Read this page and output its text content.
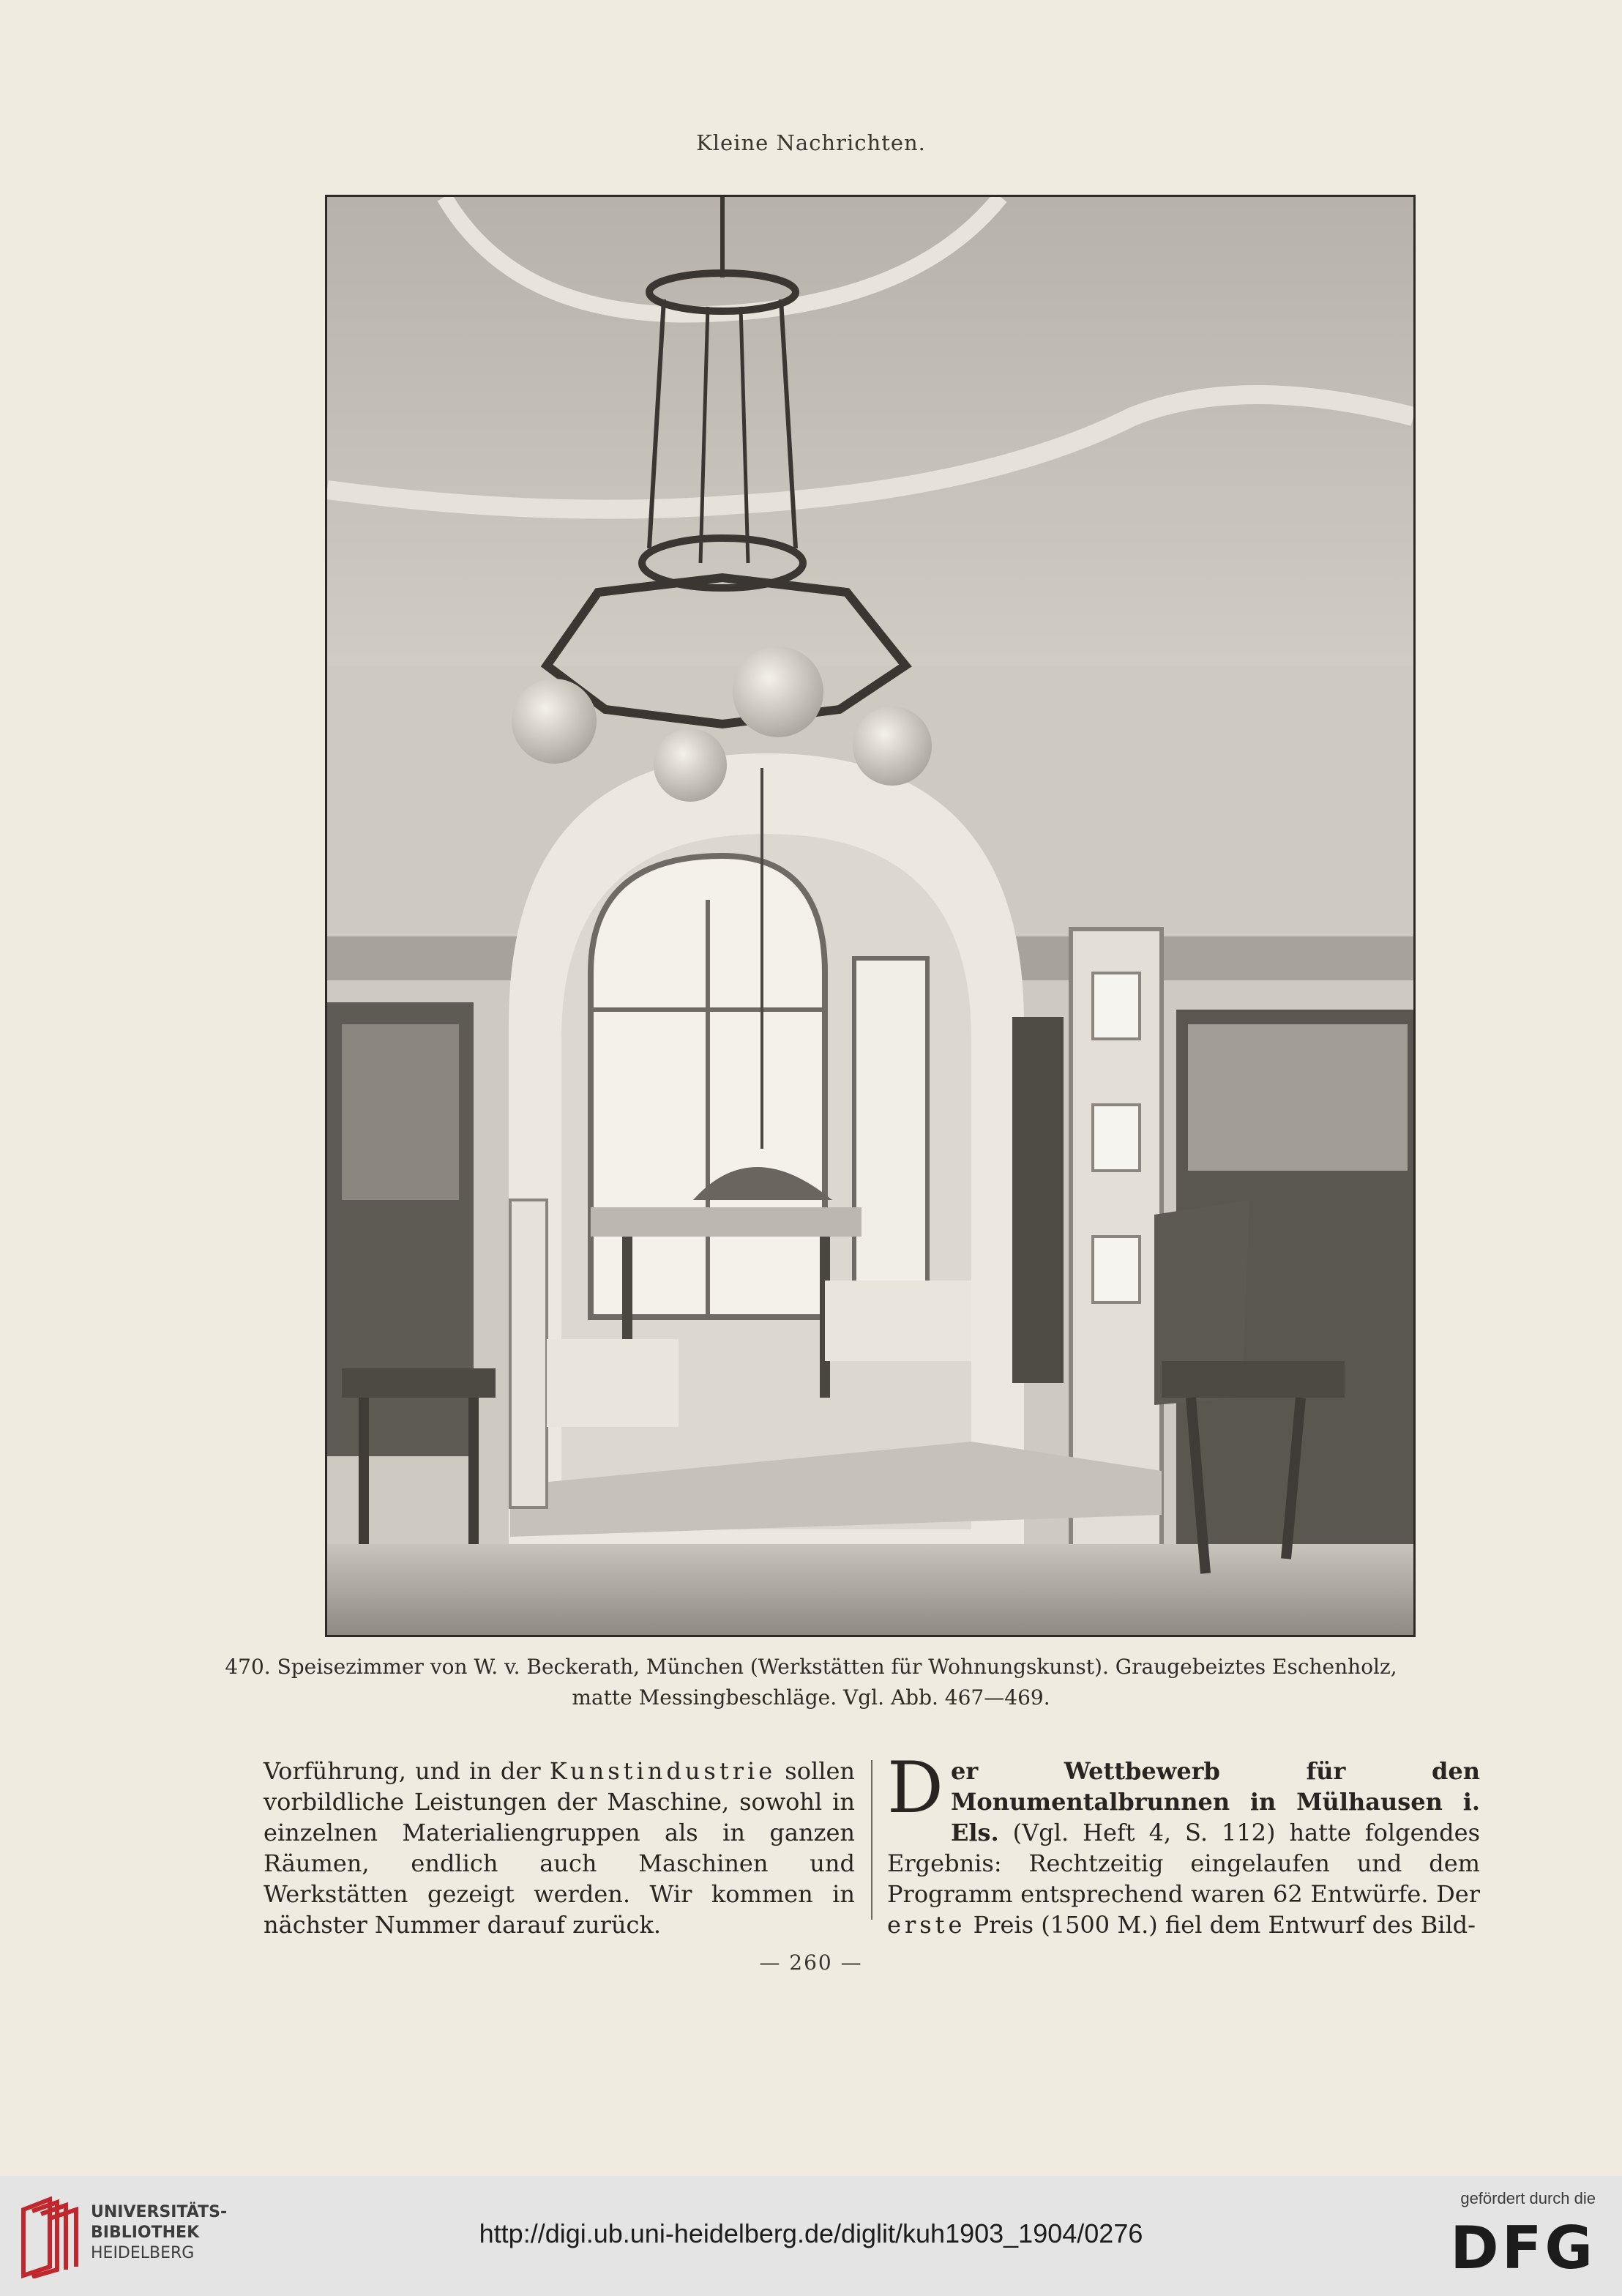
Kleine Nachrichten.
470. Speisezimmer von W. v. Beckerath, München (Werkstätten für Wohnungskunst). Graugebeiztes Eschenholz,
matte Messingbeschläge. Vgl. Abb. 467—469.

Vorführung, und in der Kunstindustrie sollen vorbildliche Leistungen der Maschine, sowohl in einzelnen Materialiengruppen als in ganzen Räumen, endlich auch Maschinen und Werkstätten gezeigt werden. Wir kommen in nächster Nummer darauf zurück.

Der Wettbewerb für den Monumentalbrunnen in Mülhausen i. Els. (Vgl. Heft 4, S. 112) hatte folgendes Ergebnis: Rechtzeitig eingelaufen und dem Programm entsprechend waren 62 Entwürfe. Der erste Preis (1500 M.) fiel dem Entwurf des Bild-

— 260 —
UNIVERSITÄTS-
BIBLIOTHEK
HEIDELBERG
http://digi.ub.uni-heidelberg.de/diglit/kuh1903_1904/0276
gefördert durch die
DFG
